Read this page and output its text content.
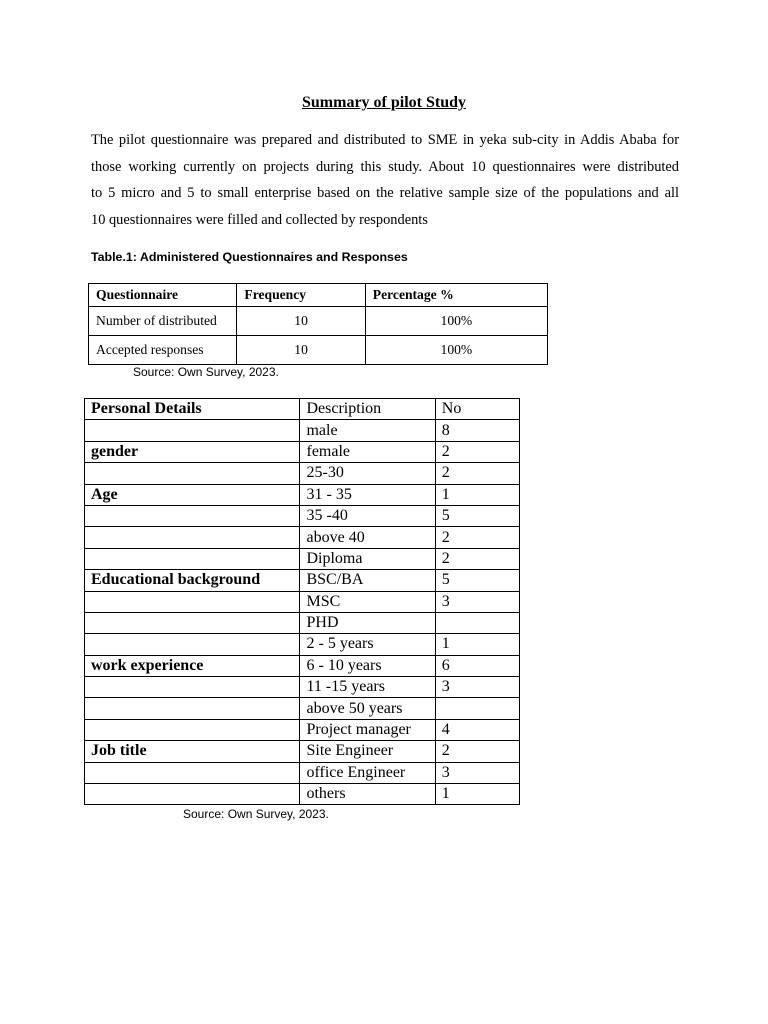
Summary of pilot Study
The pilot questionnaire was prepared and distributed to SME in yeka sub-city in Addis Ababa for
those working currently on projects during this study. About 10 questionnaires were distributed
to 5 micro and 5 to small enterprise based on the relative sample size of the populations and all
10 questionnaires were filled and collected by respondents
Table.1: Administered Questionnaires and Responses
Questionnaire	Frequency	Percentage %
Number of distributed	10	100%
Accepted responses	10	100%
Source: Own Survey, 2023.
Personal Details	Description	No
	male	8
gender	female	2
	25-30	2
Age	31 - 35	1
	35 -40	5
	above 40	2
	Diploma	2
Educational background	BSC/BA	5
	MSC	3
	PHD	
	2 - 5 years	1
work experience	6 - 10 years	6
	11 -15 years	3
	above 50 years	
	Project manager	4
Job title	Site Engineer	2
	office Engineer	3
	others	1
Source: Own Survey, 2023.
